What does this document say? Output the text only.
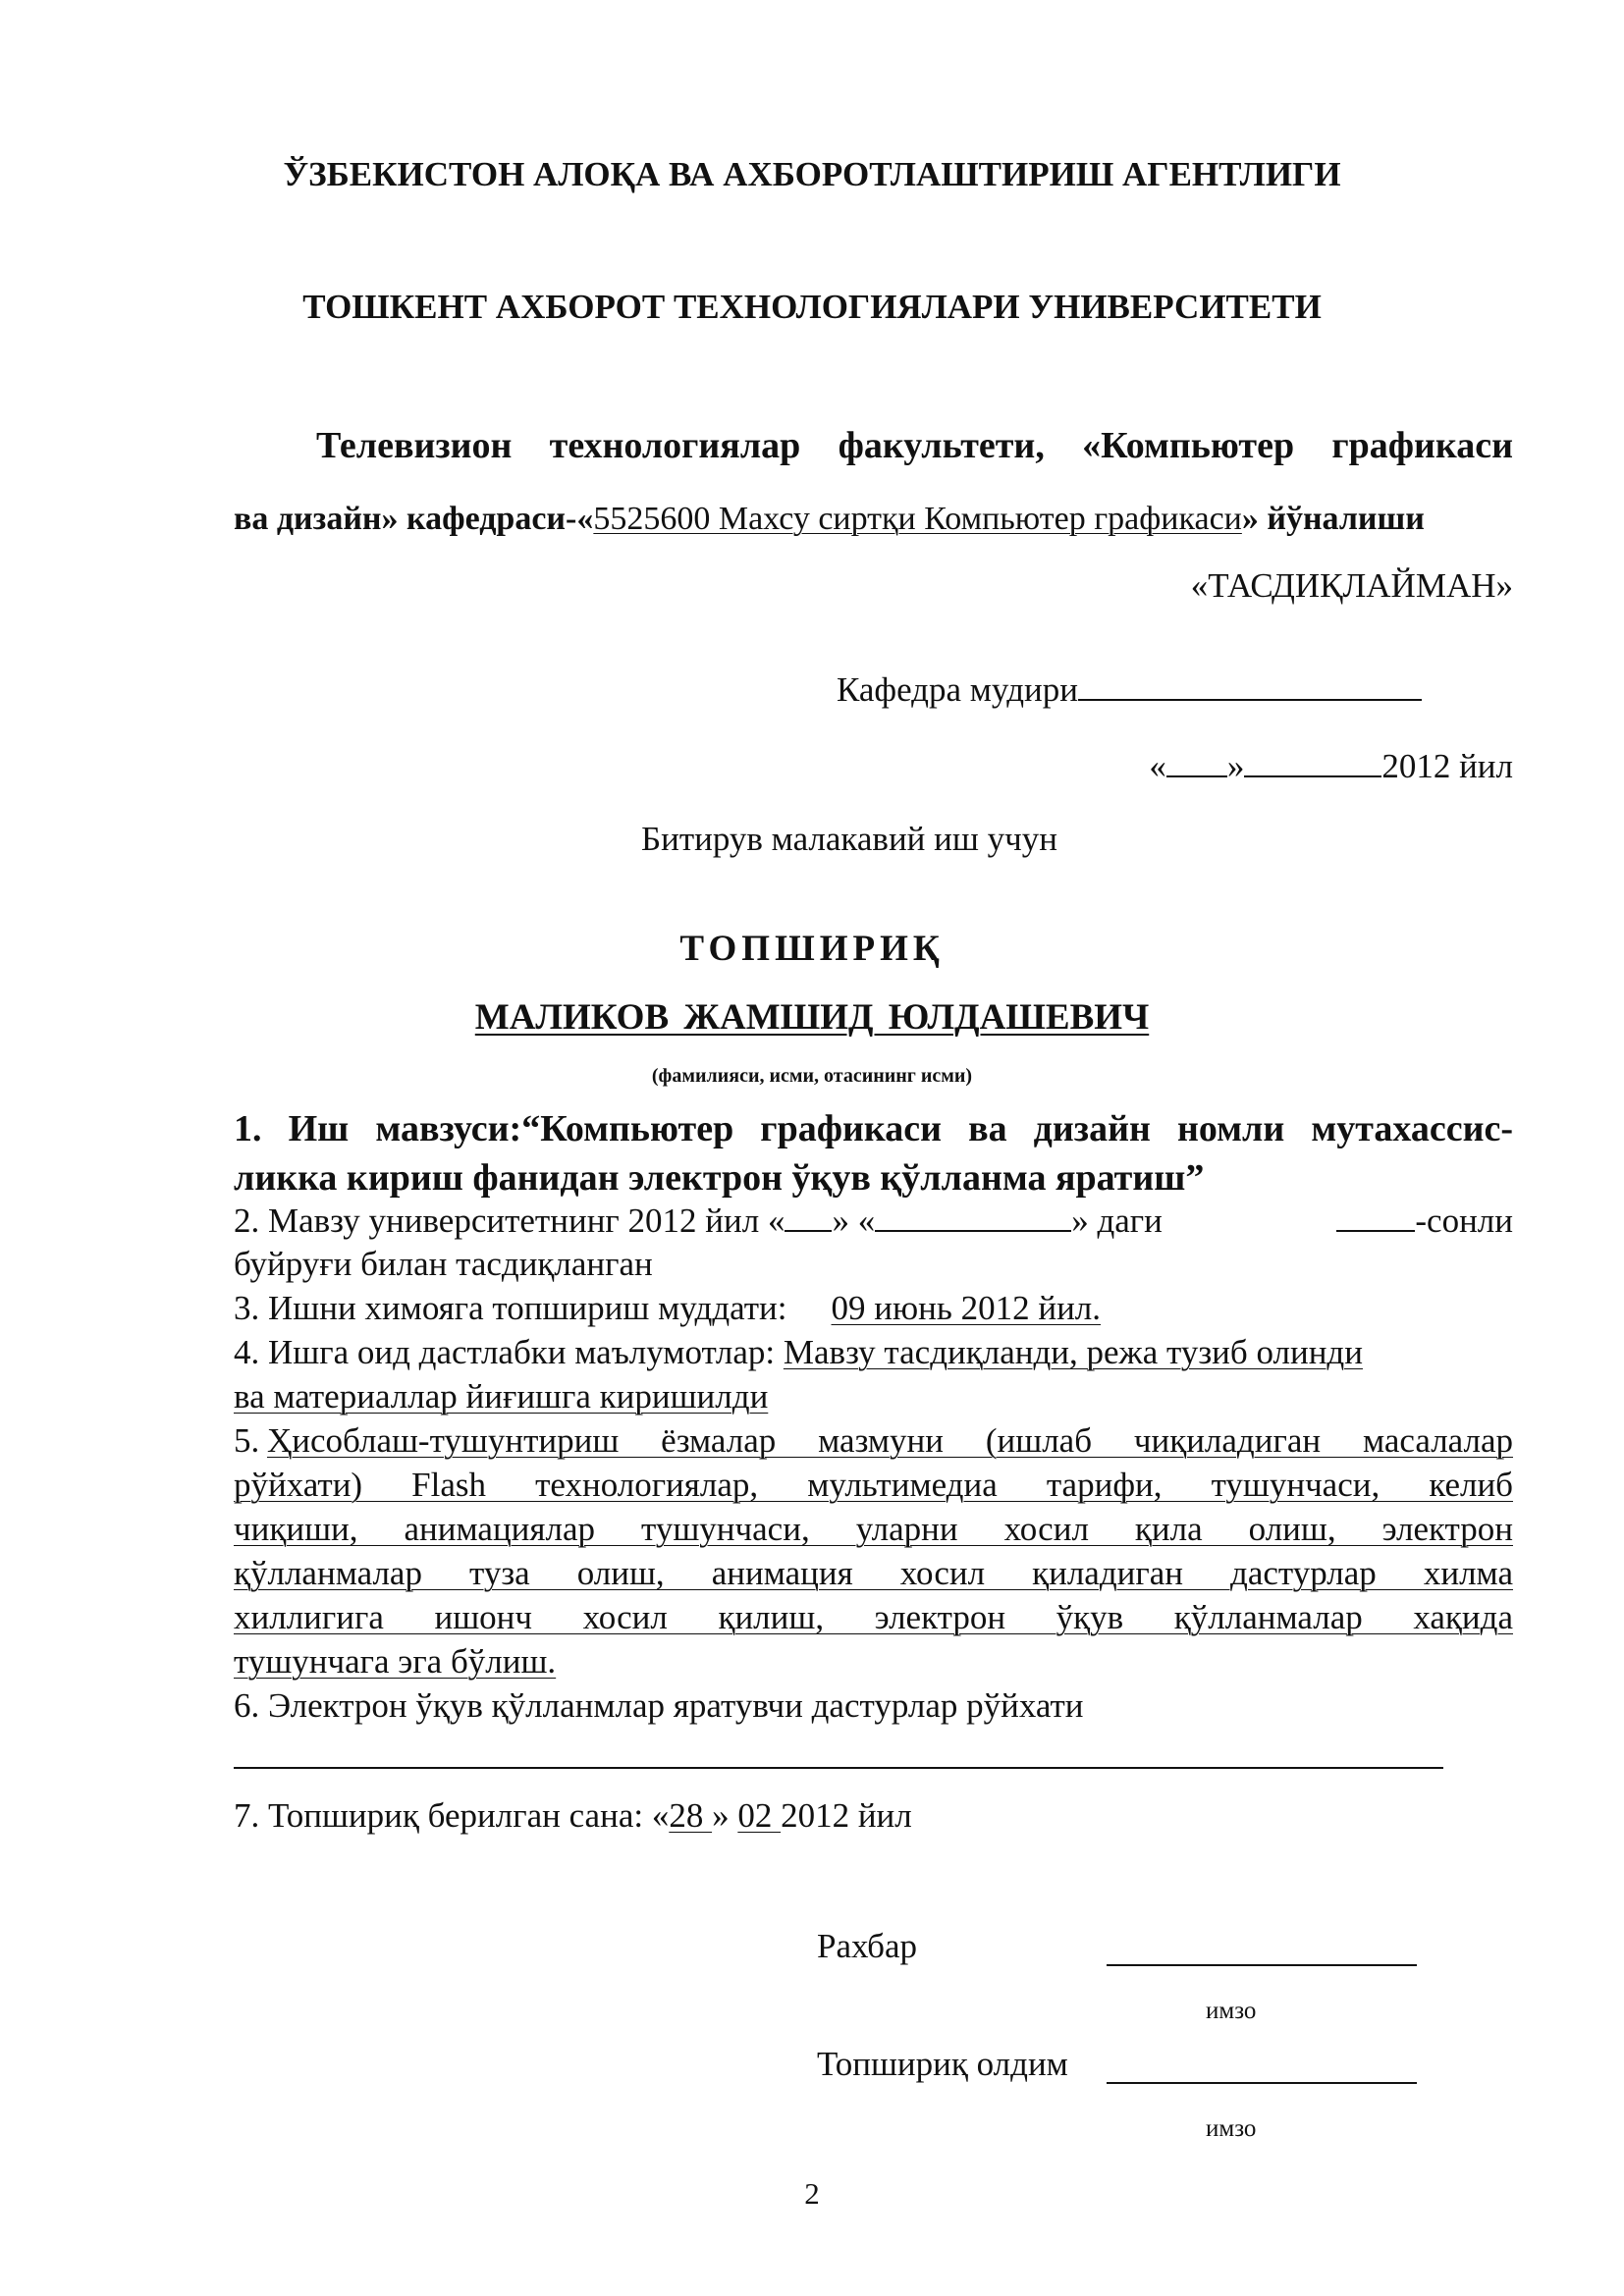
ЎЗБЕКИСТОН АЛОҚА ВА АХБОРОТЛАШТИРИШ АГЕНТЛИГИ
ТОШКЕНТ АХБОРОТ ТЕХНОЛОГИЯЛАРИ УНИВЕРСИТЕТИ
Телевизион технологиялар факультети, «Компьютер графикаси
ва дизайн» кафедраси-«5525600 Махсу сиртқи Компьютер графикаси» йўналиши
«ТАСДИҚЛАЙМАН»
Кафедра мудири
« »	2012 йил
Битирув малакавий иш учун
ТОПШИРИҚ
МАЛИКОВ ЖАМШИД ЮЛДАШЕВИЧ
(фамилияси, исми, отасининг исми)
1. Иш мавзуси:“Компьютер графикаси ва дизайн номли мутахассис-
ликка кириш фанидан электрон ўқув қўлланма яратиш”
2. Мавзу университетнинг 2012 йил « » «	» даги	-сонли
буйруғи билан тасдиқланган
3. Ишни химояга топшириш муддати: 09 июнь 2012 йил.
4. Ишга оид дастлабки маълумотлар: Мавзу тасдиқланди, режа тузиб олинди
ва материаллар йиғишга киришилди
5. Ҳисоблаш-тушунтириш ёзмалар мазмуни (ишлаб чиқиладиган масалалар
рўйхати) Flash технологиялар, мультимедиа тарифи, тушунчаси, келиб
чиқиши, анимациялар тушунчаси, уларни хосил қила олиш, электрон
қўлланмалар туза олиш, анимация хосил қиладиган дастурлар хилма
хиллигига ишонч хосил қилиш, электрон ўқув қўлланмалар хақида
тушунчага эга бўлиш.
6. Электрон ўқув қўлланмлар яратувчи дастурлар рўйхати
7. Топшириқ берилган сана: «28 » 02 2012 йил
Рахбар
имзо
Топшириқ олдим
имзо
2
